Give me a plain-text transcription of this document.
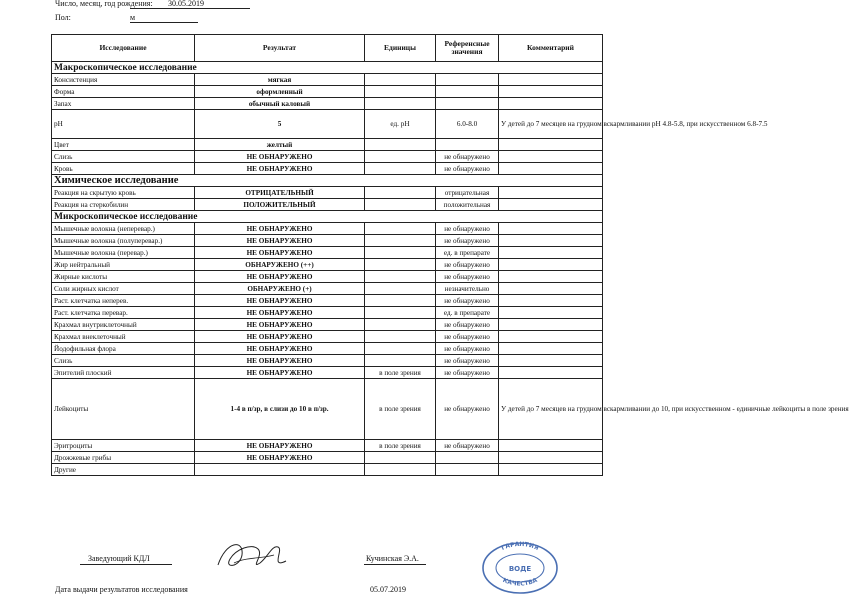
Число, месяц, год рождения: 30.05.2019
Пол:	м
Исследование	Результат	Единицы	Референсные значения	Комментарий
Макроскопическое исследование				
Консистенция	мягкая			
Форма	оформленный			
Запах	обычный каловый			
pH	5	ед. pH	6.0-8.0	У детей до 7 месяцев на грудном вскармливании pH 4.8-5.8, при искусственном 6.8-7.5
Цвет	желтый			
Слизь	НЕ ОБНАРУЖЕНО		не обнаружено	
Кровь	НЕ ОБНАРУЖЕНО		не обнаружено	
Химическое исследование				
Реакция на скрытую кровь	ОТРИЦАТЕЛЬНЫЙ		отрицательная	
Реакция на стеркобилин	ПОЛОЖИТЕЛЬНЫЙ		положительная	
Микроскопическое исследование				
Мышечные волокна (неперевар.)	НЕ ОБНАРУЖЕНО		не обнаружено	
Мышечные волокна (полуперевар.)	НЕ ОБНАРУЖЕНО		не обнаружено	
Мышечные волокна (перевар.)	НЕ ОБНАРУЖЕНО		ед. в препарате	
Жир нейтральный	ОБНАРУЖЕНО (++)		не обнаружено	
Жирные кислоты	НЕ ОБНАРУЖЕНО		не обнаружено	
Соли жирных кислот	ОБНАРУЖЕНО (+)		незначительно	
Раст. клетчатка неперев.	НЕ ОБНАРУЖЕНО		не обнаружено	
Раст. клетчатка перевар.	НЕ ОБНАРУЖЕНО		ед. в препарате	
Крахмал внутриклеточный	НЕ ОБНАРУЖЕНО		не обнаружено	
Крахмал внеклеточный	НЕ ОБНАРУЖЕНО		не обнаружено	
Йодофильная флора	НЕ ОБНАРУЖЕНО		не обнаружено	
Слизь	НЕ ОБНАРУЖЕНО		не обнаружено	
Эпителий плоский	НЕ ОБНАРУЖЕНО	в поле зрения	не обнаружено	
Лейкоциты	1-4 в п/зр, в слизи до 10 в п/зр.	в поле зрения	не обнаружено	У детей до 7 месяцев на грудном вскармливании до 10, при искусственном - единичные лейкоциты в поле зрения
Эритроциты	НЕ ОБНАРУЖЕНО	в поле зрения	не обнаружено	
Дрожжевые грибы	НЕ ОБНАРУЖЕНО			
Другие				
Заведующий КДЛ	Кучинская Э.А.
Дата выдачи результатов исследования	05.07.2019
ГАРАНТИЯ
КАЧЕСТВА
ВОДЕ
